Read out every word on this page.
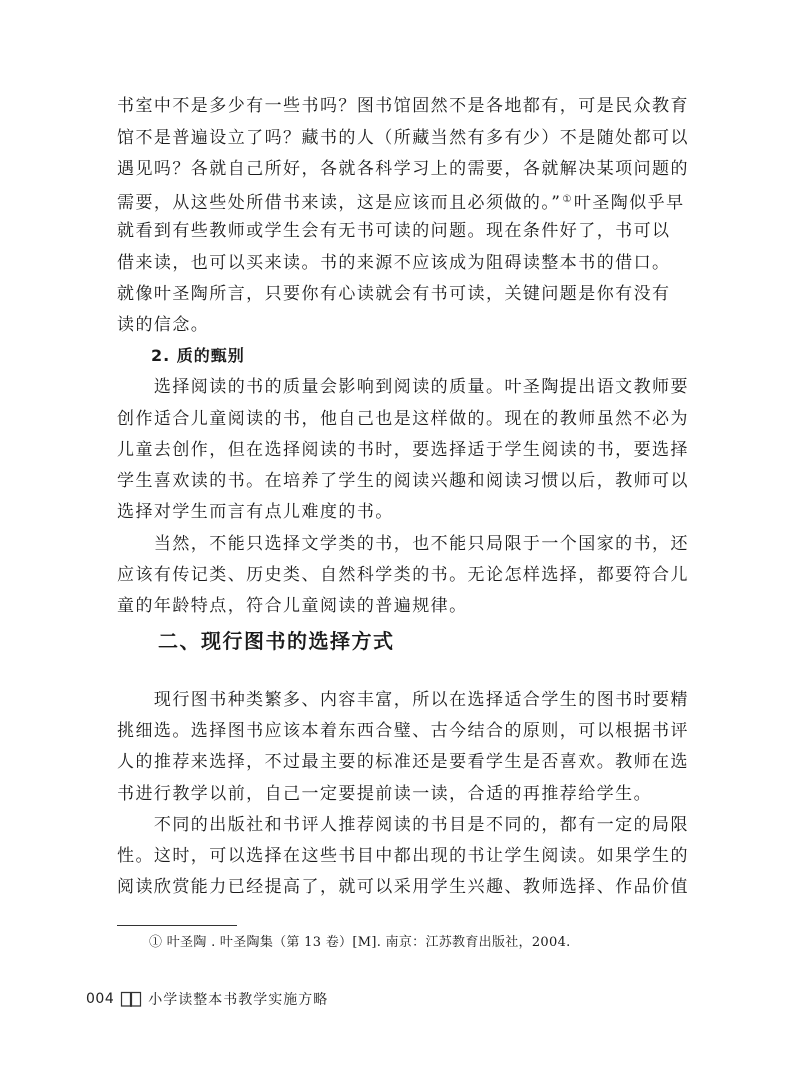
书室中不是多少有一些书吗？图书馆固然不是各地都有，可是民众教育
馆不是普遍设立了吗？藏书的人（所藏当然有多有少）不是随处都可以
遇见吗？各就自己所好，各就各科学习上的需要，各就解决某项问题的
需要，从这些处所借书来读，这是应该而且必须做的。”①叶圣陶似乎早
就看到有些教师或学生会有无书可读的问题。现在条件好了，书可以
借来读，也可以买来读。书的来源不应该成为阻碍读整本书的借口。
就像叶圣陶所言，只要你有心读就会有书可读，关键问题是你有没有
读的信念。
2. 质的甄别
　　选择阅读的书的质量会影响到阅读的质量。叶圣陶提出语文教师要
创作适合儿童阅读的书，他自己也是这样做的。现在的教师虽然不必为
儿童去创作，但在选择阅读的书时，要选择适于学生阅读的书，要选择
学生喜欢读的书。在培养了学生的阅读兴趣和阅读习惯以后，教师可以
选择对学生而言有点儿难度的书。
　　当然，不能只选择文学类的书，也不能只局限于一个国家的书，还
应该有传记类、历史类、自然科学类的书。无论怎样选择，都要符合儿
童的年龄特点，符合儿童阅读的普遍规律。
二、现行图书的选择方式
　　现行图书种类繁多、内容丰富，所以在选择适合学生的图书时要精
挑细选。选择图书应该本着东西合璧、古今结合的原则，可以根据书评
人的推荐来选择，不过最主要的标准还是要看学生是否喜欢。教师在选
书进行教学以前，自己一定要提前读一读，合适的再推荐给学生。
　　不同的出版社和书评人推荐阅读的书目是不同的，都有一定的局限
性。这时，可以选择在这些书目中都出现的书让学生阅读。如果学生的
阅读欣赏能力已经提高了，就可以采用学生兴趣、教师选择、作品价值
① 叶圣陶 . 叶圣陶集（第 13 卷）[M]. 南京：江苏教育出版社，2004.
004 小学读整本书教学实施方略
